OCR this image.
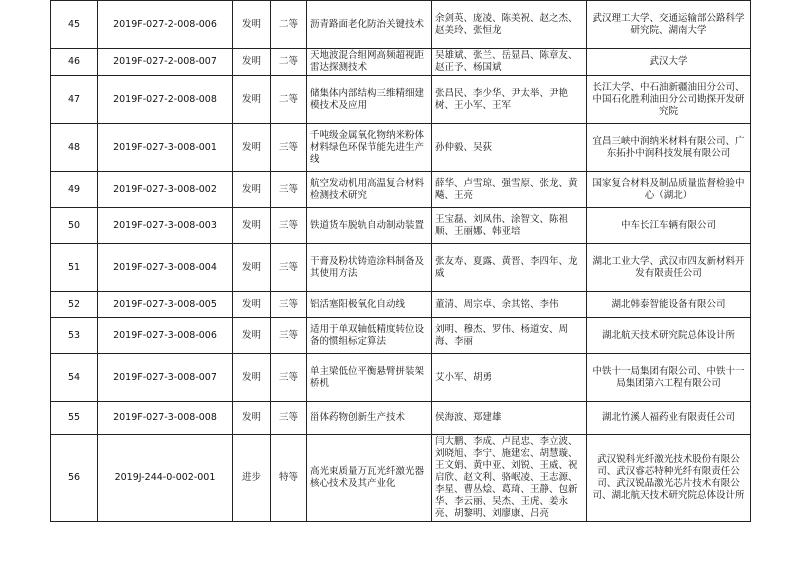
45	2019F-027-2-008-006	发明	二等	沥青路面老化防治关键技术	余剑英、庞凌、陈美祝、赵之杰、赵美玲、张恒龙	武汉理工大学、交通运输部公路科学研究院、湖南大学
46	2019F-027-2-008-007	发明	二等	天地波混合组网高频超视距雷达探测技术	吴雄斌、张兰、岳显昌、陈章友、赵正予、杨国斌	武汉大学
47	2019F-027-2-008-008	发明	二等	储集体内部结构三维精细建模技术及应用	张昌民、李少华、尹太举、尹艳树、王小军、王军	长江大学、中石油新疆油田分公司、中国石化胜利油田分公司勘探开发研究院
48	2019F-027-3-008-001	发明	三等	千吨级金属氧化物纳米粉体材料绿色环保节能先进生产线	孙仲毅、吴荻	宜昌三峡中润纳米材料有限公司、广东拓扑中润科技发展有限公司
49	2019F-027-3-008-002	发明	三等	航空发动机用高温复合材料检测技术研究	薛华、卢雪琼、强雪原、张龙、黄飚、王亮	国家复合材料及制品质量监督检验中心（湖北）
50	2019F-027-3-008-003	发明	三等	铁道货车脱轨自动制动装置	王宝磊、刘凤伟、涂智文、陈祖顺、王丽娜、韩亚培	中车长江车辆有限公司
51	2019F-027-3-008-004	发明	三等	干膏及粉状铸造涂料制备及其使用方法	张友寿、夏露、黄晋、李四年、龙威	湖北工业大学、武汉市四友新材料开发有限责任公司
52	2019F-027-3-008-005	发明	三等	铝活塞阳极氧化自动线	董清、周宗卓、余其铭、李伟	湖北韩泰智能设备有限公司
53	2019F-027-3-008-006	发明	三等	适用于单双轴低精度转位设备的惯组标定算法	刘明、穆杰、罗伟、杨道安、周海、李丽	湖北航天技术研究院总体设计所
54	2019F-027-3-008-007	发明	三等	单主梁低位平衡悬臂拼装架桥机	艾小军、胡勇	中铁十一局集团有限公司、中铁十一局集团第六工程有限公司
55	2019F-027-3-008-008	发明	三等	甾体药物创新生产技术	侯海波、郑建雄	湖北竹溪人福药业有限责任公司
56	2019J-244-0-002-001	进步	特等	高光束质量万瓦光纤激光器核心技术及其产业化	闫大鹏、李成、卢昆忠、李立波、刘晓旭、李宁、施建宏、胡慧璇、王文娟、黄中亚、刘锐、王威、祝启欣、赵文利、骆岷凌、王志源、李星、曹丛烩、葛琦、王静、包新华、李云丽、吴杰、王虎、姜永亮、胡黎明、刘廖康、吕亮	武汉锐科光纤激光技术股份有限公司、武汉睿芯特种光纤有限责任公司、武汉锐晶激光芯片技术有限公司、湖北航天技术研究院总体设计所
